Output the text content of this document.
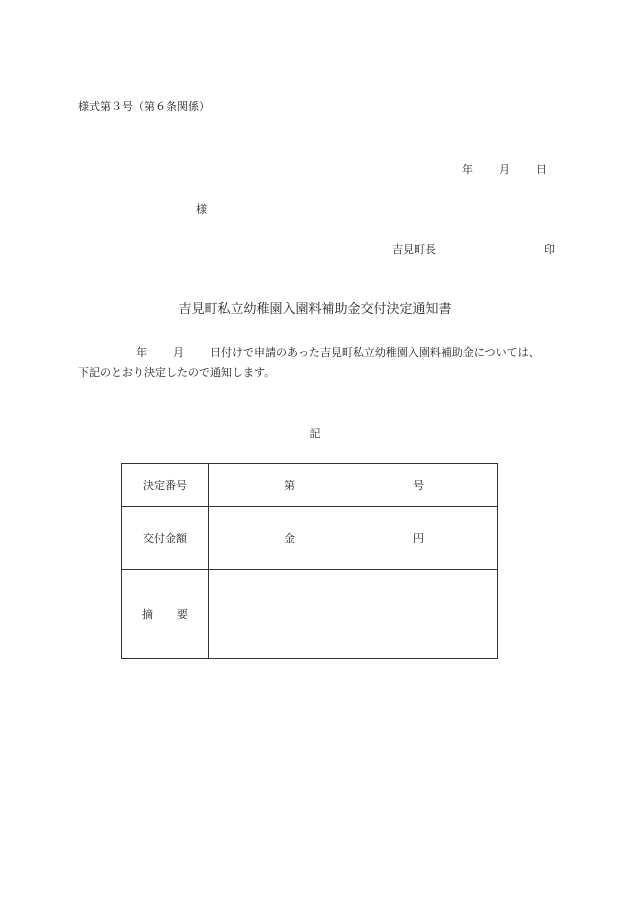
様式第３号（第６条関係）
年 月 日
様
吉見町長	印
吉見町私立幼稚園入園料補助金交付決定通知書
年 月 日付けで申請のあった吉見町私立幼稚園入園料補助金については、
下記のとおり決定したので通知します。
記
決定番号	第 号

交付金額	金 円

摘 要	
